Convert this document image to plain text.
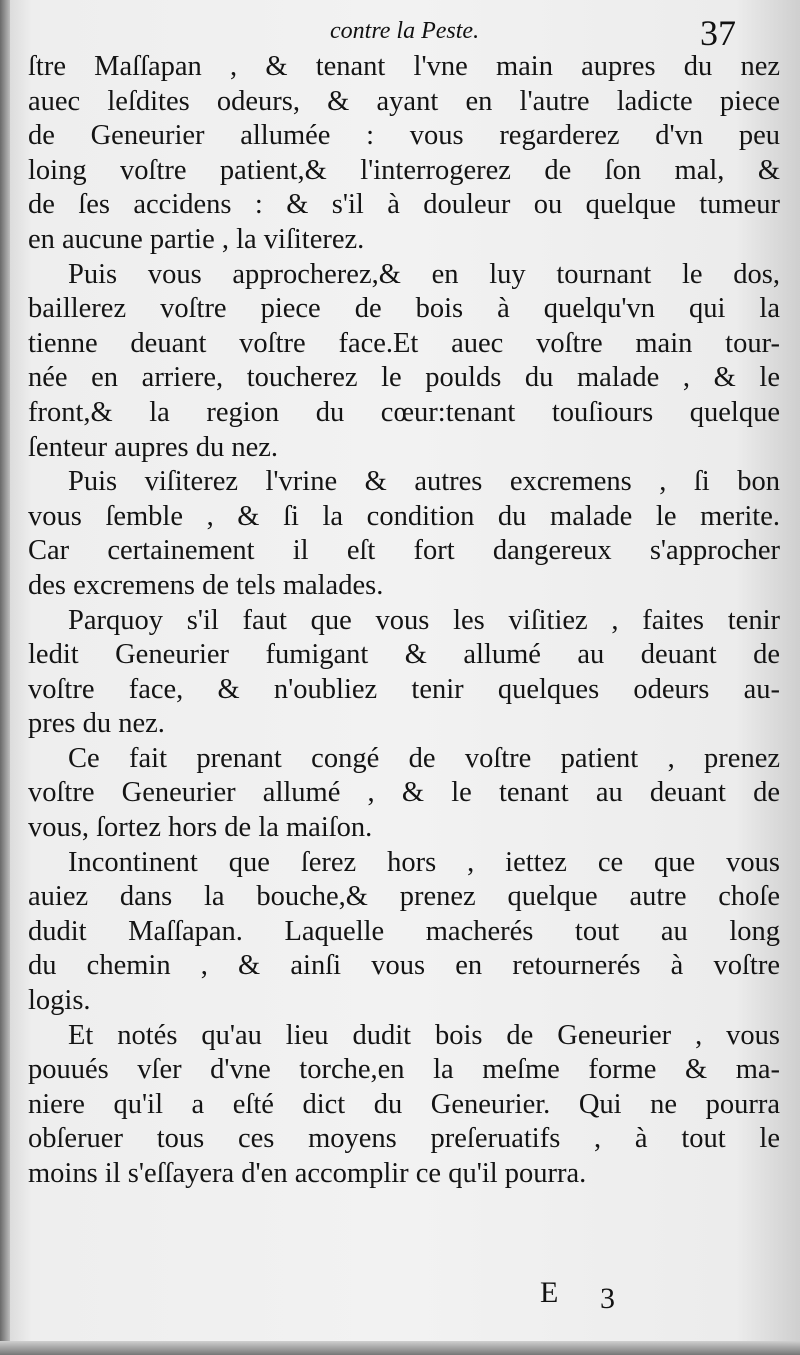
contre la Peste.	37
ſtre Maſſapan , & tenant l'vne main aupres du nez
auec leſdites odeurs, & ayant en l'autre ladicte piece
de Geneurier allumée : vous regarderez d'vn peu
loing voſtre patient,& l'interrogerez de ſon mal, &
de ſes accidens : & s'il à douleur ou quelque tumeur
en aucune partie , la viſiterez.
Puis vous approcherez,& en luy tournant le dos,
baillerez voſtre piece de bois à quelqu'vn qui la
tienne deuant voſtre face.Et auec voſtre main tour-
née en arriere, toucherez le poulds du malade , & le
front,& la region du cœur:tenant touſiours quelque
ſenteur aupres du nez.
Puis viſiterez l'vrine & autres excremens , ſi bon
vous ſemble , & ſi la condition du malade le merite.
Car certainement il eſt fort dangereux s'approcher
des excremens de tels malades.
Parquoy s'il faut que vous les viſitiez , faites tenir
ledit Geneurier fumigant & allumé au deuant de
voſtre face, & n'oubliez tenir quelques odeurs au-
pres du nez.
Ce fait prenant congé de voſtre patient , prenez
voſtre Geneurier allumé , & le tenant au deuant de
vous, ſortez hors de la maiſon.
Incontinent que ſerez hors , iettez ce que vous
auiez dans la bouche,& prenez quelque autre choſe
dudit Maſſapan. Laquelle macherés tout au long
du chemin , & ainſi vous en retournerés à voſtre
logis.
Et notés qu'au lieu dudit bois de Geneurier , vous
pouués vſer d'vne torche,en la meſme forme & ma-
niere qu'il a eſté dict du Geneurier. Qui ne pourra
obſeruer tous ces moyens preſeruatifs , à tout le
moins il s'eſſayera d'en accomplir ce qu'il pourra.
E 3
